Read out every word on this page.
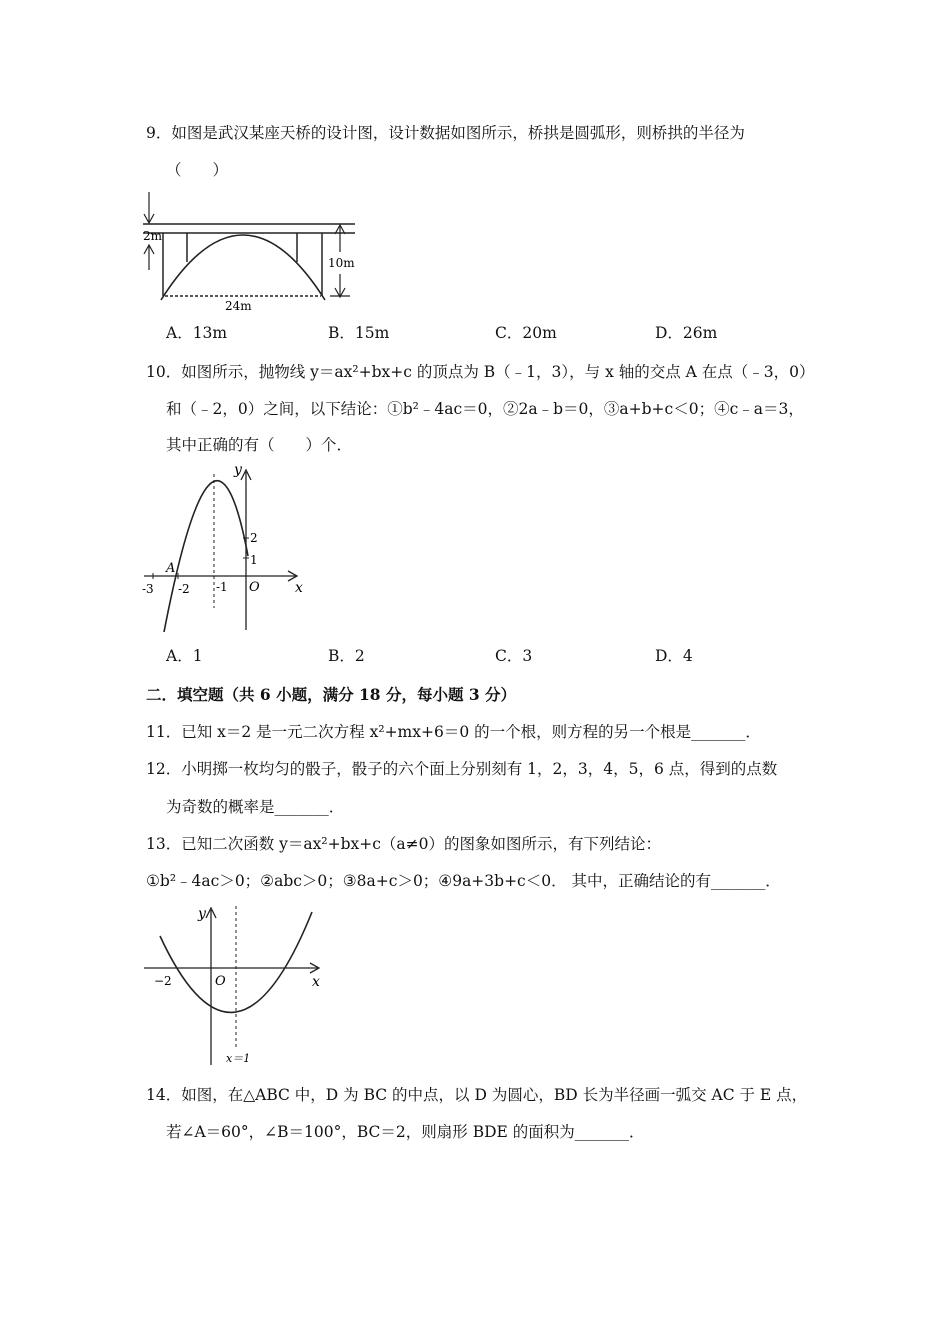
9．如图是武汉某座天桥的设计图，设计数据如图所示，桥拱是圆弧形，则桥拱的半径为
（　　）
2m
10m
24m
A．13m	B．15m	C．20m	D．26m
10．如图所示，抛物线 y＝ax²+bx+c 的顶点为 B（﹣1，3），与 x 轴的交点 A 在点（﹣3，0）
和（﹣2，0）之间，以下结论：①b²﹣4ac＝0，②2a﹣b＝0，③a+b+c＜0；④c﹣a＝3，
其中正确的有（　　）个．
y
x
2
1
O
A
-3 -2 -1
A．1	B．2	C．3	D．4
二．填空题（共 6 小题，满分 18 分，每小题 3 分）
11．已知 x＝2 是一元二次方程 x²+mx+6＝0 的一个根，则方程的另一个根是_______．
12．小明掷一枚均匀的骰子，骰子的六个面上分别刻有 1，2，3，4，5，6 点，得到的点数
为奇数的概率是_______．
13．已知二次函数 y＝ax²+bx+c（a≠0）的图象如图所示，有下列结论：
①b²﹣4ac＞0；②abc＞0；③8a+c＞0；④9a+3b+c＜0． 其中，正确结论的有_______．
y
x
O
−2
x＝1
14．如图，在△ABC 中，D 为 BC 的中点，以 D 为圆心，BD 长为半径画一弧交 AC 于 E 点，
若∠A＝60°，∠B＝100°，BC＝2，则扇形 BDE 的面积为_______．
